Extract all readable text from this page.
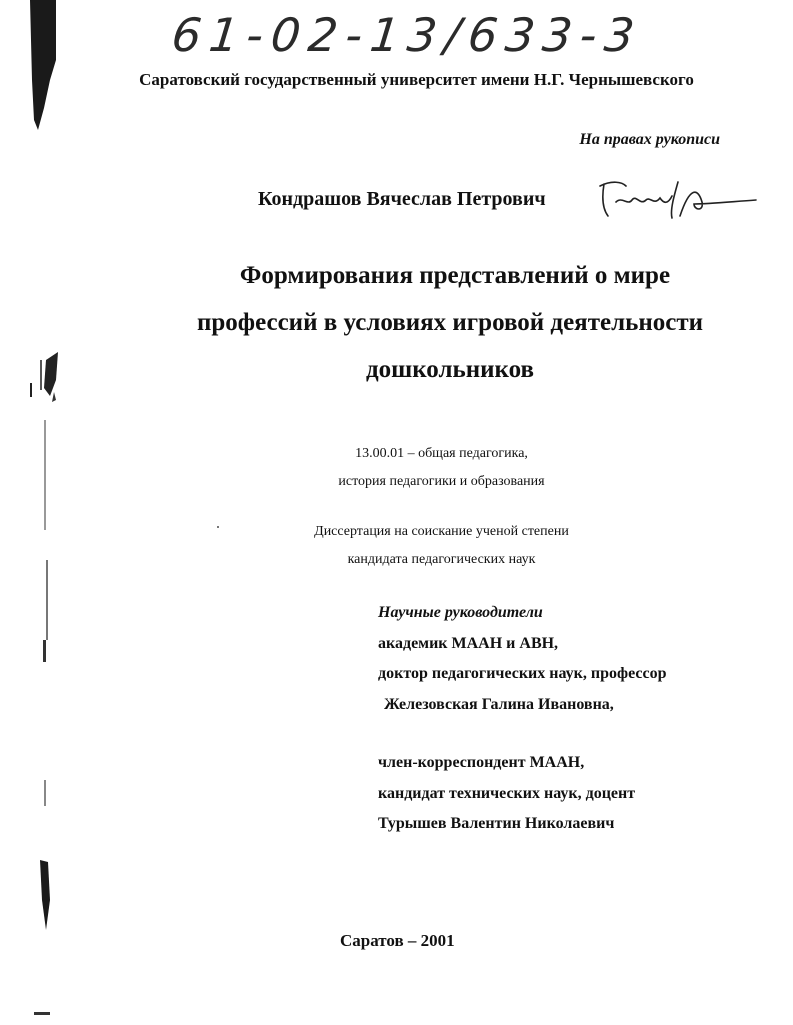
61-02-13/633-3
Саратовский государственный университет имени Н.Г. Чернышевского
На правах рукописи
Кондрашов Вячеслав Петрович
Формирования представлений о мире
профессий в условиях игровой деятельности
дошкольников
13.00.01 – общая педагогика,
история педагогики и образования
Диссертация на соискание ученой степени
кандидата педагогических наук
Научные руководители
академик МААН и АВН,
доктор педагогических наук, профессор
Железовская Галина Ивановна,
член-корреспондент МААН,
кандидат технических наук, доцент
Турышев Валентин Николаевич
Саратов – 2001
